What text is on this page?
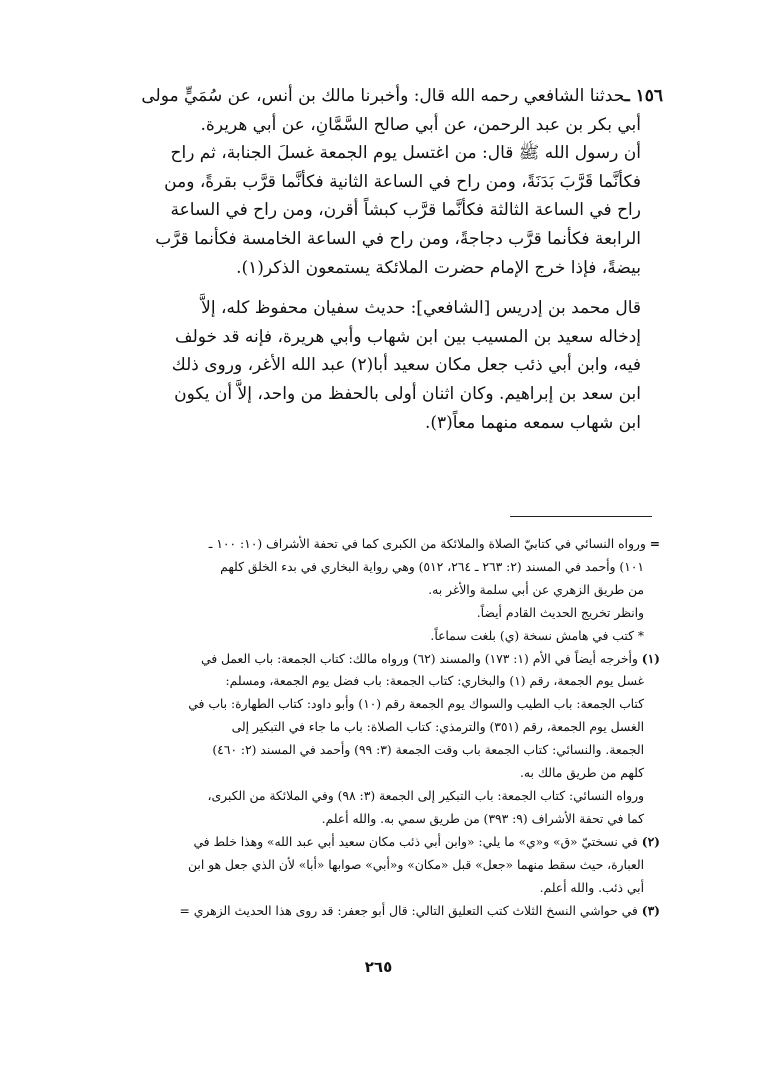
١٥٦ ـحدثنا الشافعي رحمه الله قال: وأخبرنا مالك بن أنس، عن سُمَيٍّ مولى

أبي بكر بن عبد الرحمن، عن أبي صالح السَّمَّانِ، عن أبي هريرة.

أن رسول الله ﷺ قال: من اغتسل يوم الجمعة غسلَ الجنابة، ثم راح

فكأنَّما قَرَّبَ بَدَنَةً، ومن راح في الساعة الثانية فكأنَّما قرَّب بقرةً، ومن

راح في الساعة الثالثة فكأنَّما قرَّب كبشاً أقرن، ومن راح في الساعة

الرابعة فكأنما قرَّب دجاجةً، ومن راح في الساعة الخامسة فكأنما قرَّب

بيضةً، فإذا خرج الإمام حضرت الملائكة يستمعون الذكر(١).

قال محمد بن إدريس [الشافعي]: حديث سفيان محفوظ كله، إلاَّ

إدخاله سعيد بن المسيب بين ابن شهاب وأبي هريرة، فإنه قد خولف

فيه، وابن أبي ذئب جعل مكان سعيد أبا(٢) عبد الله الأغر، وروى ذلك

ابن سعد بن إبراهيم. وكان اثنان أولى بالحفظ من واحد، إلاَّ أن يكون

ابن شهاب سمعه منهما معاً(٣).

= ورواه النسائي في كتابيّ الصلاة والملائكة من الكبرى كما في تحفة الأشراف (١٠: ١٠٠ ـ

١٠١) وأحمد في المسند (٢: ٢٦٣ ـ ٢٦٤، ٥١٢) وهي رواية البخاري في بدء الخلق كلهم

من طريق الزهري عن أبي سلمة والأغر به.

وانظر تخريج الحديث القادم أيضاً.

* كتب في هامش نسخة (ي) بلغت سماعاً.

(١) وأخرجه أيضاً في الأم (١: ١٧٣) والمسند (٦٢) ورواه مالك: كتاب الجمعة: باب العمل في

غسل يوم الجمعة، رقم (١) والبخاري: كتاب الجمعة: باب فضل يوم الجمعة، ومسلم:

كتاب الجمعة: باب الطيب والسواك يوم الجمعة رقم (١٠) وأبو داود: كتاب الطهارة: باب في

الغسل يوم الجمعة، رقم (٣٥١) والترمذي: كتاب الصلاة: باب ما جاء في التبكير إلى

الجمعة. والنسائي: كتاب الجمعة باب وقت الجمعة (٣: ٩٩) وأحمد في المسند (٢: ٤٦٠)

كلهم من طريق مالك به.

ورواه النسائي: كتاب الجمعة: باب التبكير إلى الجمعة (٣: ٩٨) وفي الملائكة من الكبرى،

كما في تحفة الأشراف (٩: ٣٩٣) من طريق سمي به. والله أعلم.

(٢) في نسختيّ «ق» و«ي» ما يلي: «وابن أبي ذئب مكان سعيد أبي عبد الله» وهذا خلط في

العبارة، حيث سقط منهما «جعل» قبل «مكان» و«أبي» صوابها «أبا» لأن الذي جعل هو ابن

أبي ذئب. والله أعلم.

(٣) في حواشي النسخ الثلاث كتب التعليق التالي: قال أبو جعفر: قد روى هذا الحديث الزهري =

٢٦٥
